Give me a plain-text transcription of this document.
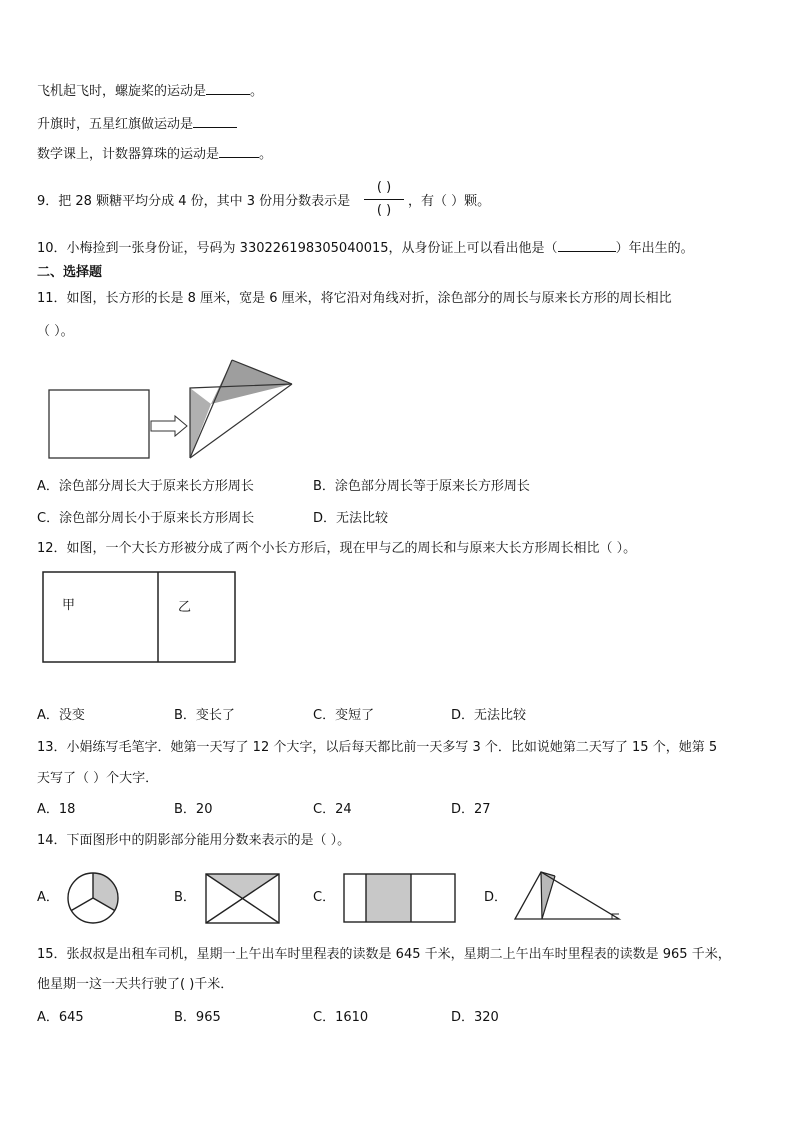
飞机起飞时，螺旋桨的运动是	。
升旗时，五星红旗做运动是
数学课上，计数器算珠的运动是	。
9．把 28 颗糖平均分成 4 份，其中 3 份用分数表示是
( )
( )
，有（ ）颗。
10．小梅捡到一张身份证，号码为 330226198305040015，从身份证上可以看出他是（	）年出生的。
二、选择题
11．如图，长方形的长是 8 厘米，宽是 6 厘米，将它沿对角线对折，涂色部分的周长与原来长方形的周长相比
（ ）。
A．涂色部分周长大于原来长方形周长	B．涂色部分周长等于原来长方形周长
C．涂色部分周长小于原来长方形周长	D．无法比较
12．如图，一个大长方形被分成了两个小长方形后，现在甲与乙的周长和与原来大长方形周长相比（ ）。
甲	乙
A．没变	B．变长了	C．变短了	D．无法比较
13．小娟练写毛笔字．她第一天写了 12 个大字，以后每天都比前一天多写 3 个．比如说她第二天写了 15 个，她第 5
天写了（ ）个大字．
A．18	B．20	C．24	D．27
14．下面图形中的阴影部分能用分数来表示的是（ ）。
A．	B．	C．	D．
15．张叔叔是出租车司机，星期一上午出车时里程表的读数是 645 千米，星期二上午出车时里程表的读数是 965 千米，
他星期一这一天共行驶了( )千米．
A．645	B．965	C．1610	D．320
